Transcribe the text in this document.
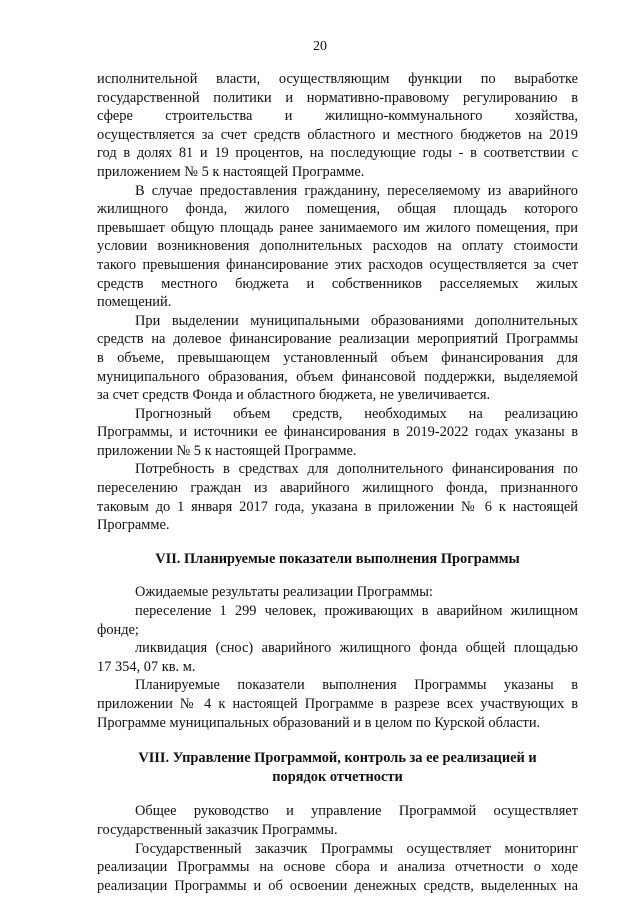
20
исполнительной власти, осуществляющим функции по выработке
государственной политики и нормативно-правовому регулированию в
сфере строительства и жилищно-коммунального хозяйства,
осуществляется за счет средств областного и местного бюджетов на 2019
год в долях 81 и 19 процентов, на последующие годы - в соответствии с
приложением № 5 к настоящей Программе.
В случае предоставления гражданину, переселяемому из аварийного
жилищного фонда, жилого помещения, общая площадь которого
превышает общую площадь ранее занимаемого им жилого помещения, при
условии возникновения дополнительных расходов на оплату стоимости
такого превышения финансирование этих расходов осуществляется за счет
средств местного бюджета и собственников расселяемых жилых
помещений.
При выделении муниципальными образованиями дополнительных
средств на долевое финансирование реализации мероприятий Программы
в объеме, превышающем установленный объем финансирования для
муниципального образования, объем финансовой поддержки, выделяемой
за счет средств Фонда и областного бюджета, не увеличивается.
Прогнозный объем средств, необходимых на реализацию
Программы, и источники ее финансирования в 2019-2022 годах указаны в
приложении № 5 к настоящей Программе.
Потребность в средствах для дополнительного финансирования по
переселению граждан из аварийного жилищного фонда, признанного
таковым до 1 января 2017 года, указана в приложении № 6 к настоящей
Программе.
VII. Планируемые показатели выполнения Программы
Ожидаемые результаты реализации Программы:
переселение 1 299 человек, проживающих в аварийном жилищном
фонде;
ликвидация (снос) аварийного жилищного фонда общей площадью
17 354, 07 кв. м.
Планируемые показатели выполнения Программы указаны в
приложении № 4 к настоящей Программе в разрезе всех участвующих в
Программе муниципальных образований и в целом по Курской области.
VIII. Управление Программой, контроль за ее реализацией и
порядок отчетности
Общее руководство и управление Программой осуществляет
государственный заказчик Программы.
Государственный заказчик Программы осуществляет мониторинг
реализации Программы на основе сбора и анализа отчетности о ходе
реализации Программы и об освоении денежных средств, выделенных на
